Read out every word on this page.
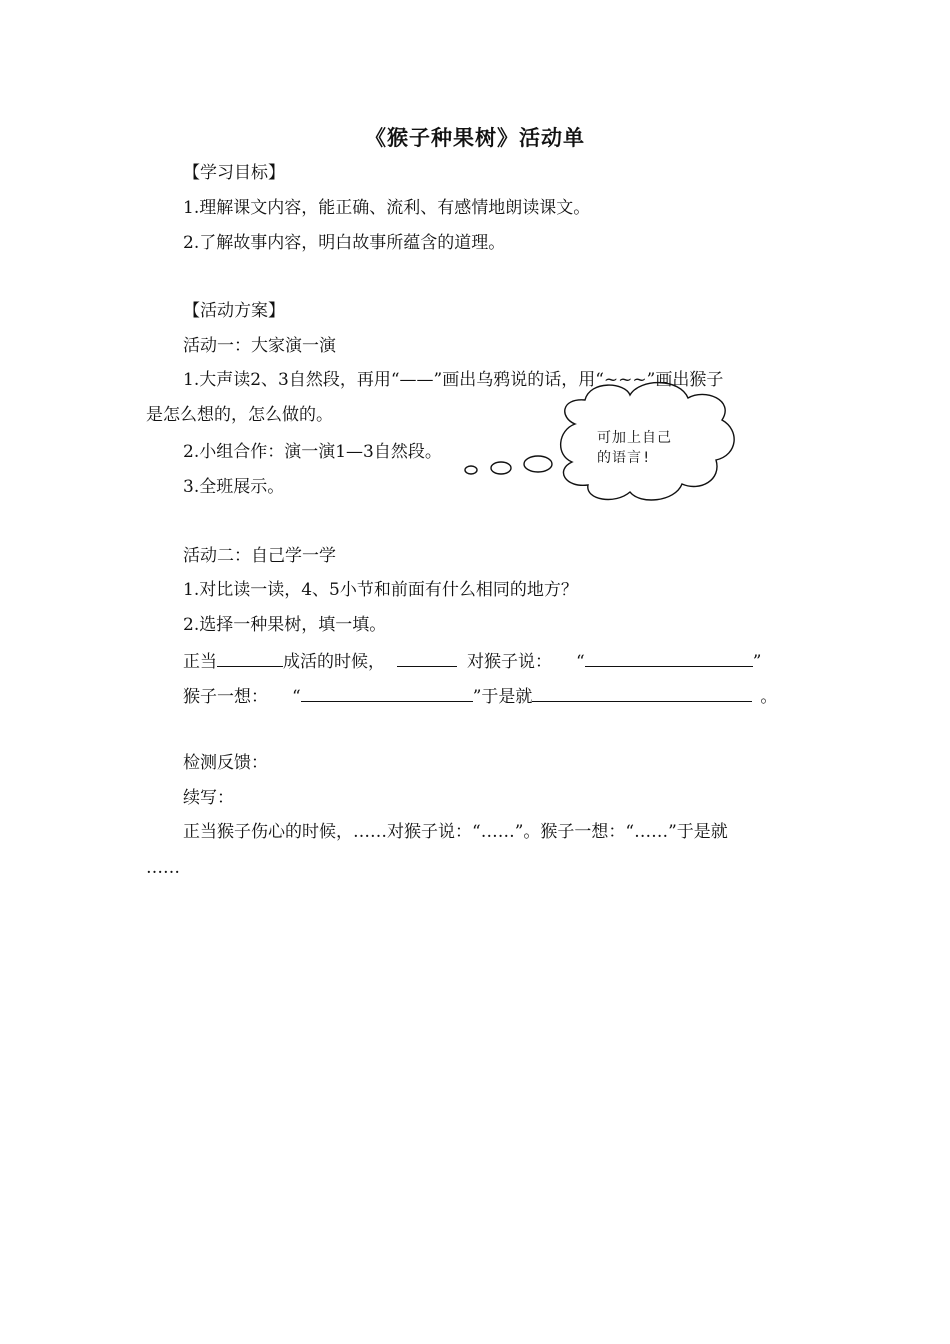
《猴子种果树》活动单
【学习目标】
1.理解课文内容，能正确、流利、有感情地朗读课文。
2.了解故事内容，明白故事所蕴含的道理。
【活动方案】
活动一：大家演一演
1.大声读2、3自然段，再用“——”画出乌鸦说的话，用“~~~”画出猴子
是怎么想的，怎么做的。
2.小组合作：演一演1—3自然段。
3.全班展示。
可加上自己
的语言!
活动二：自己学一学
1.对比读一读，4、5小节和前面有什么相同的地方？
2.选择一种果树，填一填。
正当	成活的时候，	对猴子说： “	”
猴子一想： “	”于是就	。
检测反馈：
续写：
正当猴子伤心的时候，……对猴子说：“……”。猴子一想：“……”于是就
……
